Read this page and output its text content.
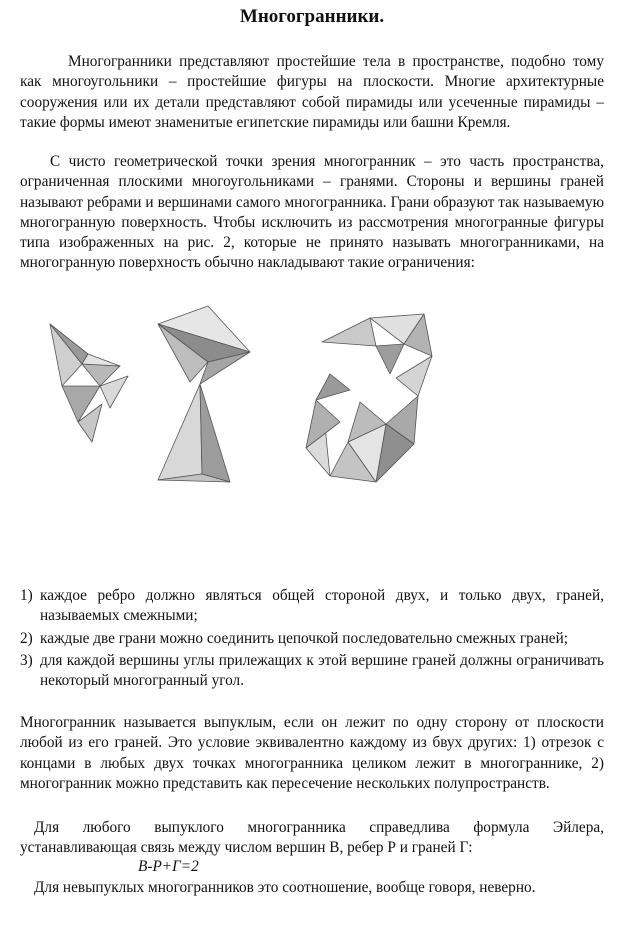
Многогранники.

Многогранники представляют простейшие тела в пространстве, подобно тому как многоугольники – простейшие фигуры на плоскости. Многие архитектурные сооружения или их детали представляют собой пирамиды или усеченные пирамиды – такие формы имеют знаменитые египетские пирамиды или башни Кремля.

С чисто геометрической точки зрения многогранник – это часть пространства, ограниченная плоскими многоугольниками – гранями. Стороны и вершины граней называют ребрами и вершинами самого многогранника. Грани образуют так называемую многогранную поверхность. Чтобы исключить из рассмотрения многогранные фигуры типа изображенных на рис. 2, которые не принято называть многогранниками, на многогранную поверхность обычно накладывают такие ограничения:

1) каждое ребро должно являться общей стороной двух, и только двух, граней, называемых смежными;
2) каждые две грани можно соединить цепочкой последовательно смежных граней;
3) для каждой вершины углы прилежащих к этой вершине граней должны ограничивать некоторый многогранный угол.

Многогранник называется выпуклым, если он лежит по одну сторону от плоскости любой из его граней. Это условие эквивалентно каждому из бвух других: 1) отрезок с концами в любых двух точках многогранника целиком лежит в многограннике, 2) многогранник можно представить как пересечение нескольких полупространств.

Для любого выпуклого многогранника справедлива формула Эйлера, устанавливающая связь между числом вершин В, ребер Р и граней Г:

В-Р+Г=2

Для невыпуклых многогранников это соотношение, вообще говоря, неверно.
